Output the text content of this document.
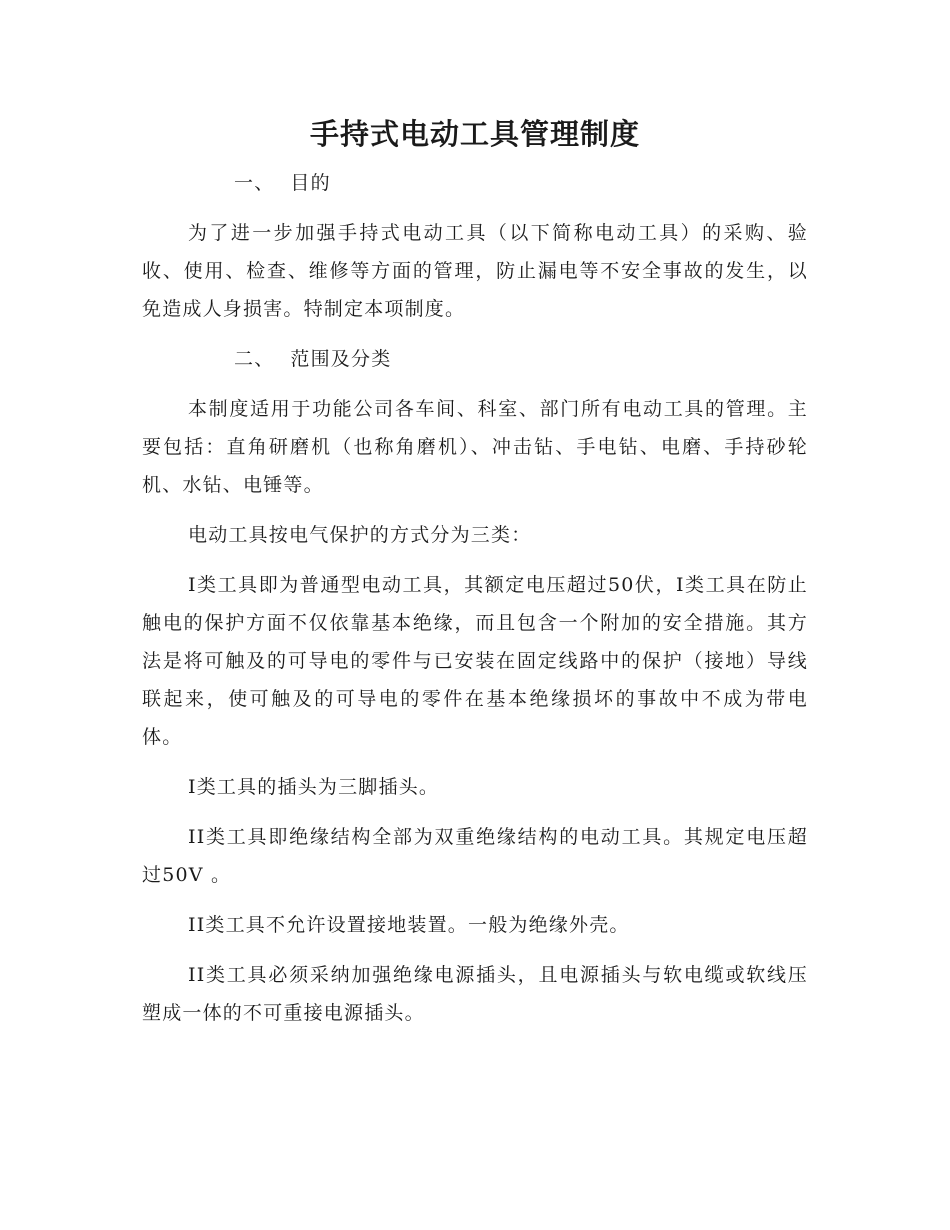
手持式电动工具管理制度

一、 目的

为了进一步加强手持式电动工具（以下简称电动工具）的采购、验收、使用、检查、维修等方面的管理，防止漏电等不安全事故的发生，以免造成人身损害。特制定本项制度。

二、 范围及分类

本制度适用于功能公司各车间、科室、部门所有电动工具的管理。主要包括：直角研磨机（也称角磨机）、冲击钻、手电钻、电磨、手持砂轮机、水钻、电锤等。

电动工具按电气保护的方式分为三类：

Ⅰ类工具即为普通型电动工具，其额定电压超过50伏，Ⅰ类工具在防止触电的保护方面不仅依靠基本绝缘，而且包含一个附加的安全措施。其方法是将可触及的可导电的零件与已安装在固定线路中的保护（接地）导线联起来，使可触及的可导电的零件在基本绝缘损坏的事故中不成为带电体。

Ⅰ类工具的插头为三脚插头。

II类工具即绝缘结构全部为双重绝缘结构的电动工具。其规定电压超过50V 。

II类工具不允许设置接地装置。一般为绝缘外壳。

II类工具必须采纳加强绝缘电源插头，且电源插头与软电缆或软线压塑成一体的不可重接电源插头。
